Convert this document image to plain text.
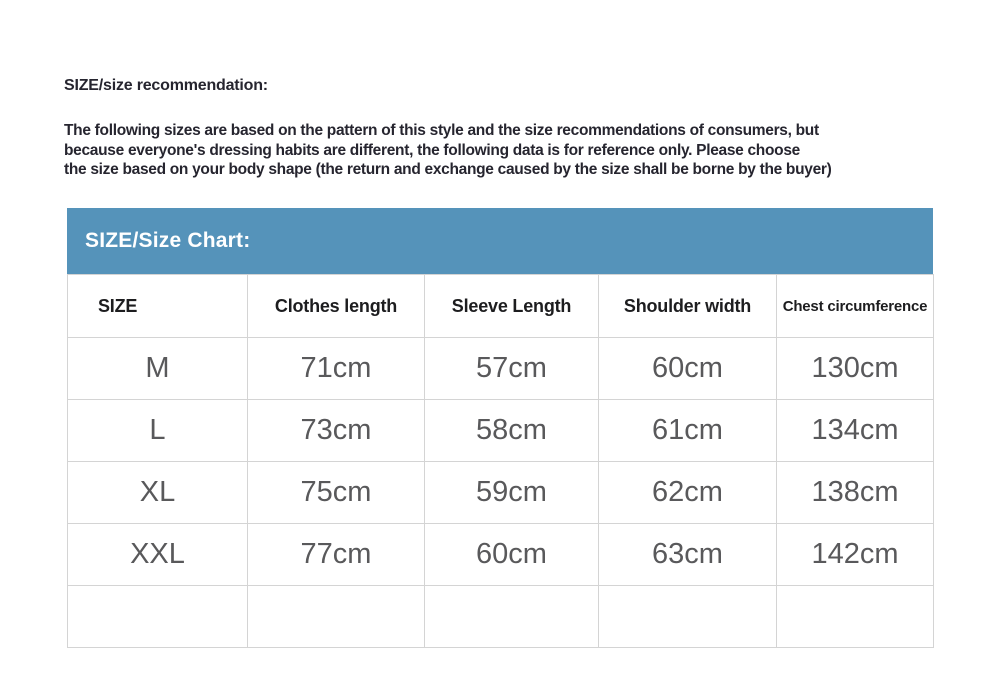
SIZE/size recommendation:
The following sizes are based on the pattern of this style and the size recommendations of consumers, but
because everyone's dressing habits are different, the following data is for reference only. Please choose
the size based on your body shape (the return and exchange caused by the size shall be borne by the buyer)
SIZE/Size Chart:
SIZE	Clothes length	Sleeve Length	Shoulder width	Chest circumference
M	71cm	57cm	60cm	130cm
L	73cm	58cm	61cm	134cm
XL	75cm	59cm	62cm	138cm
XXL	77cm	60cm	63cm	142cm
